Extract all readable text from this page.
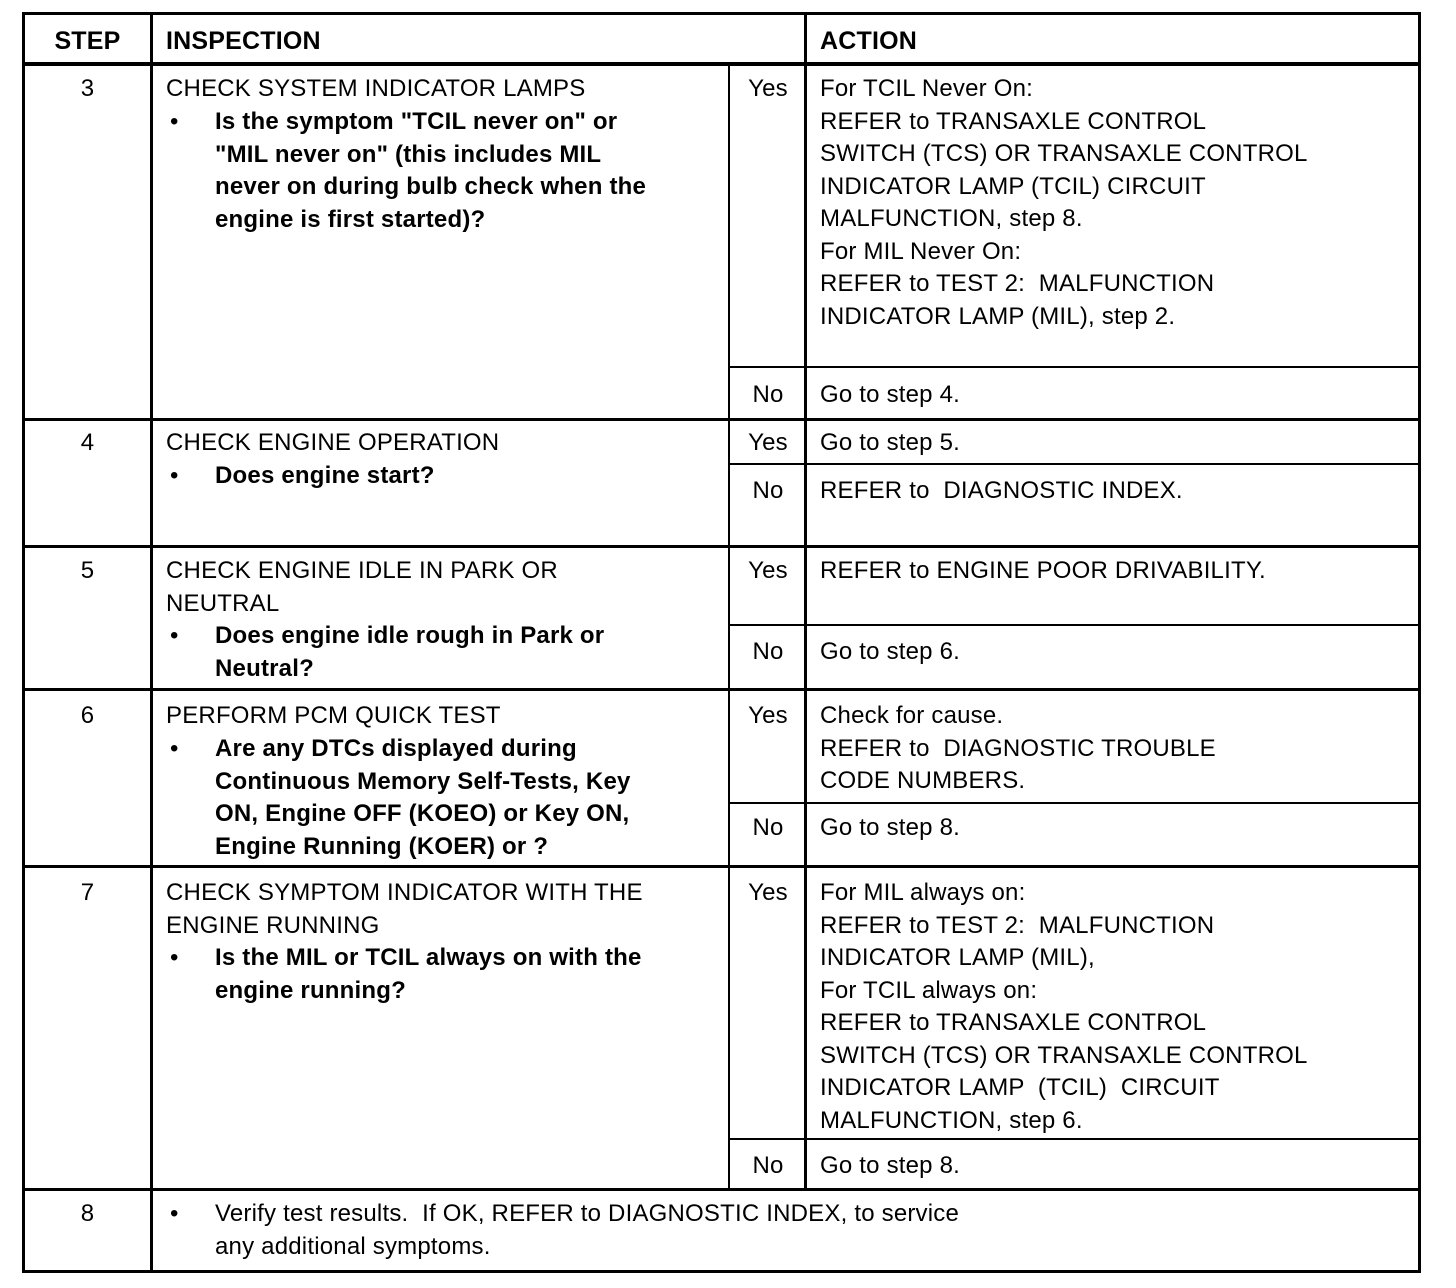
STEP	INSPECTION	ACTION
3	CHECK SYSTEM INDICATOR LAMPS
• Is the symptom "TCIL never on" or
"MIL never on" (this includes MIL
never on during bulb check when the
engine is first started)?
Yes	For TCIL Never On:
REFER to TRANSAXLE CONTROL
SWITCH (TCS) OR TRANSAXLE CONTROL
INDICATOR LAMP (TCIL) CIRCUIT
MALFUNCTION, step 8.
For MIL Never On:
REFER to TEST 2:  MALFUNCTION
INDICATOR LAMP (MIL), step 2.
No	Go to step 4.
4	CHECK ENGINE OPERATION
• Does engine start?
Yes	Go to step 5.
No	REFER to  DIAGNOSTIC INDEX.
5	CHECK ENGINE IDLE IN PARK OR
NEUTRAL
• Does engine idle rough in Park or
Neutral?
Yes	REFER to ENGINE POOR DRIVABILITY.
No	Go to step 6.
6	PERFORM PCM QUICK TEST
• Are any DTCs displayed during
Continuous Memory Self-Tests, Key
ON, Engine OFF (KOEO) or Key ON,
Engine Running (KOER) or ?
Yes	Check for cause.
REFER to  DIAGNOSTIC TROUBLE
CODE NUMBERS.
No	Go to step 8.
7	CHECK SYMPTOM INDICATOR WITH THE
ENGINE RUNNING
• Is the MIL or TCIL always on with the
engine running?
Yes	For MIL always on:
REFER to TEST 2:  MALFUNCTION
INDICATOR LAMP (MIL),
For TCIL always on:
REFER to TRANSAXLE CONTROL
SWITCH (TCS) OR TRANSAXLE CONTROL
INDICATOR LAMP  (TCIL)  CIRCUIT
MALFUNCTION, step 6.
No	Go to step 8.
8	• Verify test results.  If OK, REFER to DIAGNOSTIC INDEX, to service
any additional symptoms.
